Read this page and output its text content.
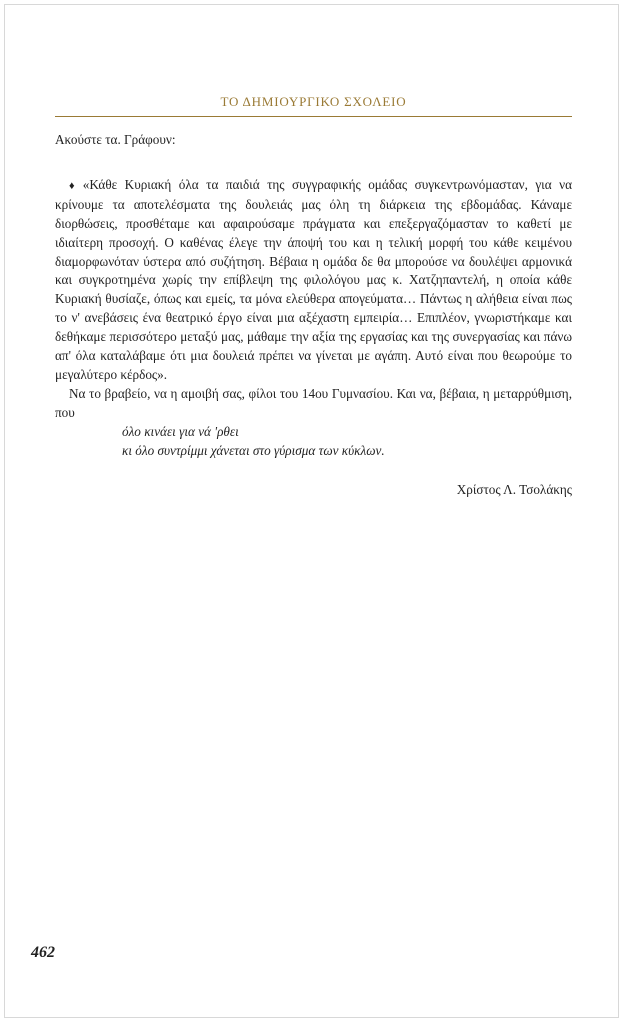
ΤΟ ΔΗΜΙΟΥΡΓΙΚΟ ΣΧΟΛΕΙΟ

Ακούστε τα. Γράφουν:

♦ «Κάθε Κυριακή όλα τα παιδιά της συγγραφικής ομάδας συγκεντρωνόμασταν, για να κρίνουμε τα αποτελέσματα της δουλειάς μας όλη τη διάρκεια της εβδομάδας. Κάναμε διορθώσεις, προσθέταμε και αφαιρούσαμε πράγματα και επεξεργαζόμασταν το καθετί με ιδιαίτερη προσοχή. Ο καθένας έλεγε την άποψή του και η τελική μορφή του κάθε κειμένου διαμορφωνόταν ύστερα από συζήτηση. Βέβαια η ομάδα δε θα μπορούσε να δουλέψει αρμονικά και συγκροτημένα χωρίς την επίβλεψη της φιλολόγου μας κ. Χατζηπαντελή, η οποία κάθε Κυριακή θυσίαζε, όπως και εμείς, τα μόνα ελεύθερα απογεύματα… Πάντως η αλήθεια είναι πως το ν' ανεβάσεις ένα θεατρικό έργο είναι μια αξέχαστη εμπειρία… Επιπλέον, γνωριστήκαμε και δεθήκαμε περισσότερο μεταξύ μας, μάθαμε την αξία της εργασίας και της συνεργασίας και πάνω απ' όλα καταλάβαμε ότι μια δουλειά πρέπει να γίνεται με αγάπη. Αυτό είναι που θεωρούμε το μεγαλύτερο κέρδος».

Να το βραβείο, να η αμοιβή σας, φίλοι του 14ου Γυμνασίου. Και να, βέβαια, η μεταρρύθμιση, που

όλο κινάει για νά 'ρθει
κι όλο συντρίμμι χάνεται στο γύρισμα των κύκλων.
Χρίστος Λ. Τσολάκης
462
